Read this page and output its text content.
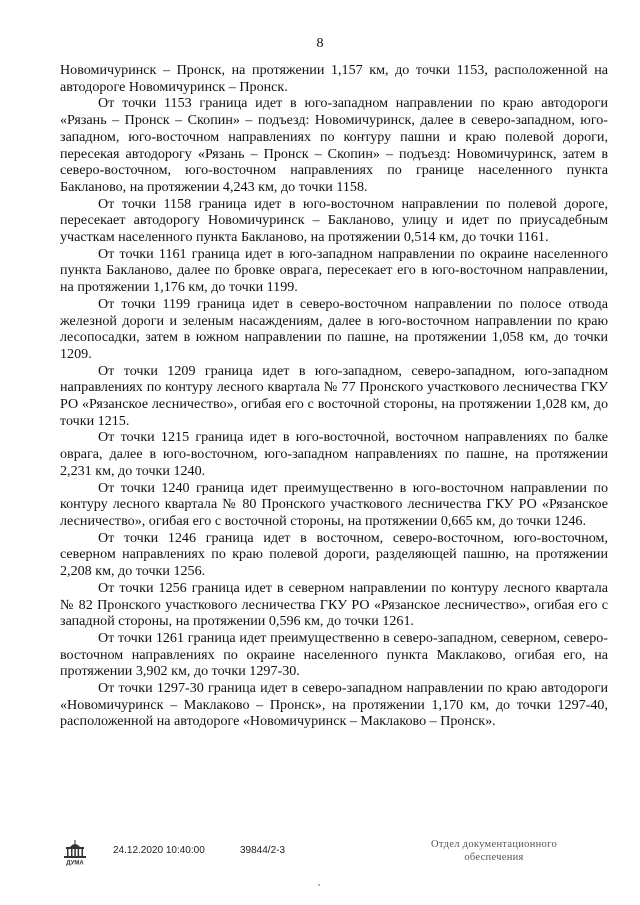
8

Новомичуринск – Пронск, на протяжении 1,157 км, до точки 1153, расположенной на автодороге Новомичуринск – Пронск.

От точки 1153 граница идет в юго-западном направлении по краю автодороги «Рязань – Пронск – Скопин» – подъезд: Новомичуринск, далее в северо-западном, юго-западном, юго-восточном направлениях по контуру пашни и краю полевой дороги, пересекая автодорогу «Рязань – Пронск – Скопин» – подъезд: Новомичуринск, затем в северо-восточном, юго-восточном направлениях по границе населенного пункта Бакланово, на протяжении 4,243 км, до точки 1158.

От точки 1158 граница идет в юго-восточном направлении по полевой дороге, пересекает автодорогу Новомичуринск – Бакланово, улицу и идет по приусадебным участкам населенного пункта Бакланово, на протяжении 0,514 км, до точки 1161.

От точки 1161 граница идет в юго-западном направлении по окраине населенного пункта Бакланово, далее по бровке оврага, пересекает его в юго-восточном направлении, на протяжении 1,176 км, до точки 1199.

От точки 1199 граница идет в северо-восточном направлении по полосе отвода железной дороги и зеленым насаждениям, далее в юго-восточном направлении по краю лесопосадки, затем в южном направлении по пашне, на протяжении 1,058 км, до точки 1209.

От точки 1209 граница идет в юго-западном, северо-западном, юго-западном направлениях по контуру лесного квартала № 77 Пронского участкового лесничества ГКУ РО «Рязанское лесничество», огибая его с восточной стороны, на протяжении 1,028 км, до точки 1215.

От точки 1215 граница идет в юго-восточной, восточном направлениях по балке оврага, далее в юго-восточном, юго-западном направлениях по пашне, на протяжении 2,231 км, до точки 1240.

От точки 1240 граница идет преимущественно в юго-восточном направлении по контуру лесного квартала № 80 Пронского участкового лесничества ГКУ РО «Рязанское лесничество», огибая его с восточной стороны, на протяжении 0,665 км, до точки 1246.

От точки 1246 граница идет в восточном, северо-восточном, юго-восточном, северном направлениях по краю полевой дороги, разделяющей пашню, на протяжении 2,208 км, до точки 1256.

От точки 1256 граница идет в северном направлении по контуру лесного квартала № 82 Пронского участкового лесничества ГКУ РО «Рязанское лесничество», огибая его с западной стороны, на протяжении 0,596 км, до точки 1261.

От точки 1261 граница идет преимущественно в северо-западном, северном, северо-восточном направлениях по окраине населенного пункта Маклаково, огибая его, на протяжении 3,902 км, до точки 1297-30.

От точки 1297-30 граница идет в северо-западном направлении по краю автодороги «Новомичуринск – Маклаково – Пронск», на протяжении 1,170 км, до точки 1297-40, расположенной на автодороге «Новомичуринск – Маклаково – Пронск».

ДУМА
24.12.2020 10:40:00	39844/2-3
Отдел документационного
обеспечения
